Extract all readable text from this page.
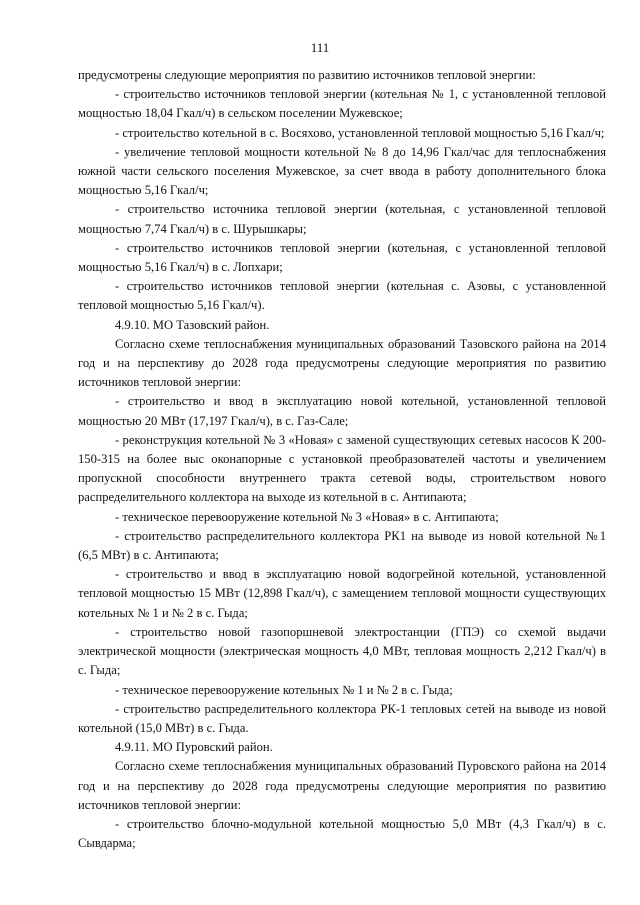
111

предусмотрены следующие мероприятия по развитию источников тепловой энергии:

- строительство источников тепловой энергии (котельная № 1, с установленной тепловой мощностью 18,04 Гкал/ч) в сельском поселении Мужевское;

- строительство котельной в с. Восяхово, установленной тепловой мощностью 5,16 Гкал/ч;

- увеличение тепловой мощности котельной № 8 до 14,96 Гкал/час для теплоснабжения южной части сельского поселения Мужевское, за счет ввода в работу дополнительного блока мощностью 5,16 Гкал/ч;

- строительство источника тепловой энергии (котельная, с установленной тепловой мощностью 7,74 Гкал/ч) в с. Шурышкары;

- строительство источников тепловой энергии (котельная, с установленной тепловой мощностью 5,16 Гкал/ч) в с. Лопхари;

- строительство источников тепловой энергии (котельная с. Азовы, с установленной тепловой мощностью 5,16 Гкал/ч).

4.9.10. МО Тазовский район.

Согласно схеме теплоснабжения муниципальных образований Тазовского района на 2014 год и на перспективу до 2028 года предусмотрены следующие мероприятия по развитию источников тепловой энергии:

- строительство и ввод в эксплуатацию новой котельной, установленной тепловой мощностью 20 МВт (17,197 Гкал/ч), в с. Газ-Сале;

- реконструкция котельной № 3 «Новая» с заменой существующих сетевых насосов К 200-150-315 на более выс оконапорные с установкой преобразователей частоты и увеличением пропускной способности внутреннего тракта сетевой воды, строительством нового распределительного коллектора на выходе из котельной в с. Антипаюта;

- техническое перевооружение котельной № 3 «Новая» в с. Антипаюта;

- строительство распределительного коллектора РК1 на выводе из новой котельной №1 (6,5 МВт) в с. Антипаюта;

- строительство и ввод в эксплуатацию новой водогрейной котельной, установленной тепловой мощностью 15 МВт (12,898 Гкал/ч), с замещением тепловой мощности существующих котельных № 1 и № 2 в с. Гыда;

- строительство новой газопоршневой электростанции (ГПЭ) со схемой выдачи электрической мощности (электрическая мощность 4,0 МВт, тепловая мощность 2,212 Гкал/ч) в с. Гыда;

- техническое перевооружение котельных № 1 и № 2 в с. Гыда;

- строительство распределительного коллектора РК-1 тепловых сетей на выводе из новой котельной (15,0 МВт) в с. Гыда.

4.9.11. МО Пуровский район.

Согласно схеме теплоснабжения муниципальных образований Пуровского района на 2014 год и на перспективу до 2028 года предусмотрены следующие мероприятия по развитию источников тепловой энергии:

- строительство блочно-модульной котельной мощностью 5,0 МВт (4,3 Гкал/ч) в с. Сывдарма;
